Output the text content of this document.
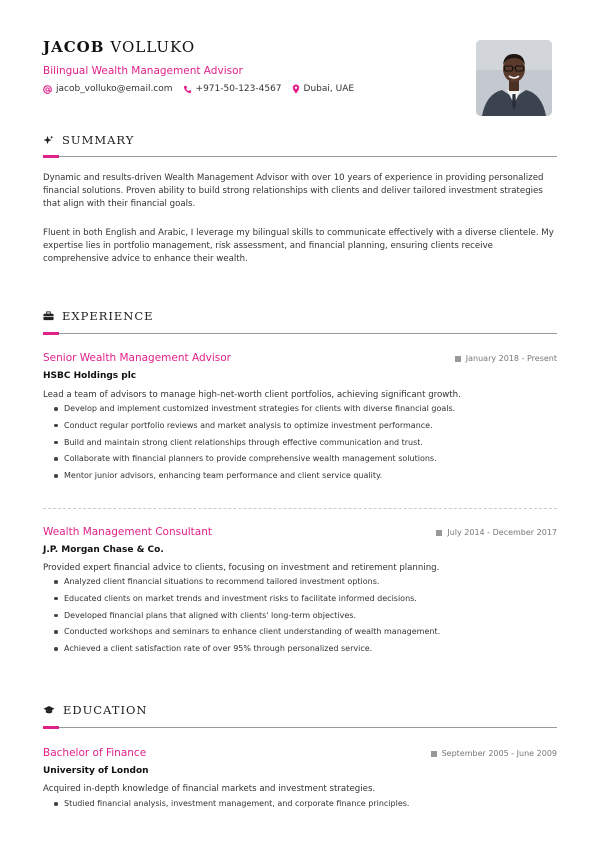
JACOB VOLLUKO
Bilingual Wealth Management Advisor
jacob_volluko@email.com	+971-50-123-4567 Dubai, UAE
SUMMARY
Dynamic and results-driven Wealth Management Advisor with over 10 years of experience in providing personalized financial solutions. Proven ability to build strong relationships with clients and deliver tailored investment strategies that align with their financial goals.
Fluent in both English and Arabic, I leverage my bilingual skills to communicate effectively with a diverse clientele. My expertise lies in portfolio management, risk assessment, and financial planning, ensuring clients receive comprehensive advice to enhance their wealth.
EXPERIENCE
Senior Wealth Management Advisor	January 2018 - Present
HSBC Holdings plc
Lead a team of advisors to manage high-net-worth client portfolios, achieving significant growth.
Develop and implement customized investment strategies for clients with diverse financial goals.
Conduct regular portfolio reviews and market analysis to optimize investment performance.
Build and maintain strong client relationships through effective communication and trust.
Collaborate with financial planners to provide comprehensive wealth management solutions.
Mentor junior advisors, enhancing team performance and client service quality.
Wealth Management Consultant	July 2014 - December 2017
J.P. Morgan Chase & Co.
Provided expert financial advice to clients, focusing on investment and retirement planning.
Analyzed client financial situations to recommend tailored investment options.
Educated clients on market trends and investment risks to facilitate informed decisions.
Developed financial plans that aligned with clients' long-term objectives.
Conducted workshops and seminars to enhance client understanding of wealth management.
Achieved a client satisfaction rate of over 95% through personalized service.
EDUCATION
Bachelor of Finance	September 2005 - June 2009
University of London
Acquired in-depth knowledge of financial markets and investment strategies.
Studied financial analysis, investment management, and corporate finance principles.
